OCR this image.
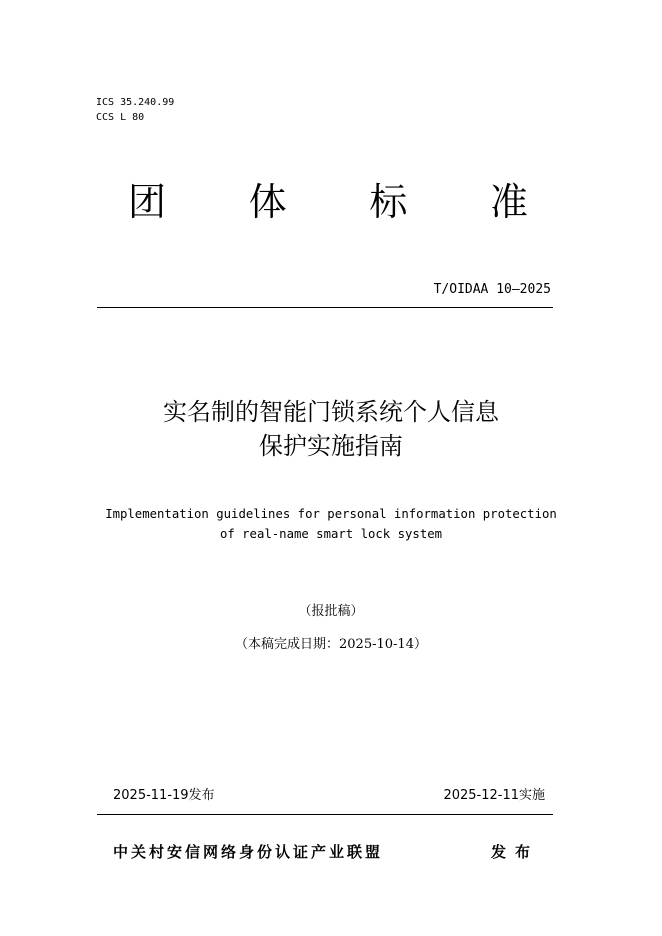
ICS 35.240.99
CCS L 80
团 体 标 准
T/OIDAA 10—2025
实名制的智能门锁系统个人信息
保护实施指南
Implementation guidelines for personal information protection
of real-name smart lock system
（报批稿）
（本稿完成日期：2025-10-14）
2025-11-19发布	2025-12-11实施
中关村安信网络身份认证产业联盟	发布
